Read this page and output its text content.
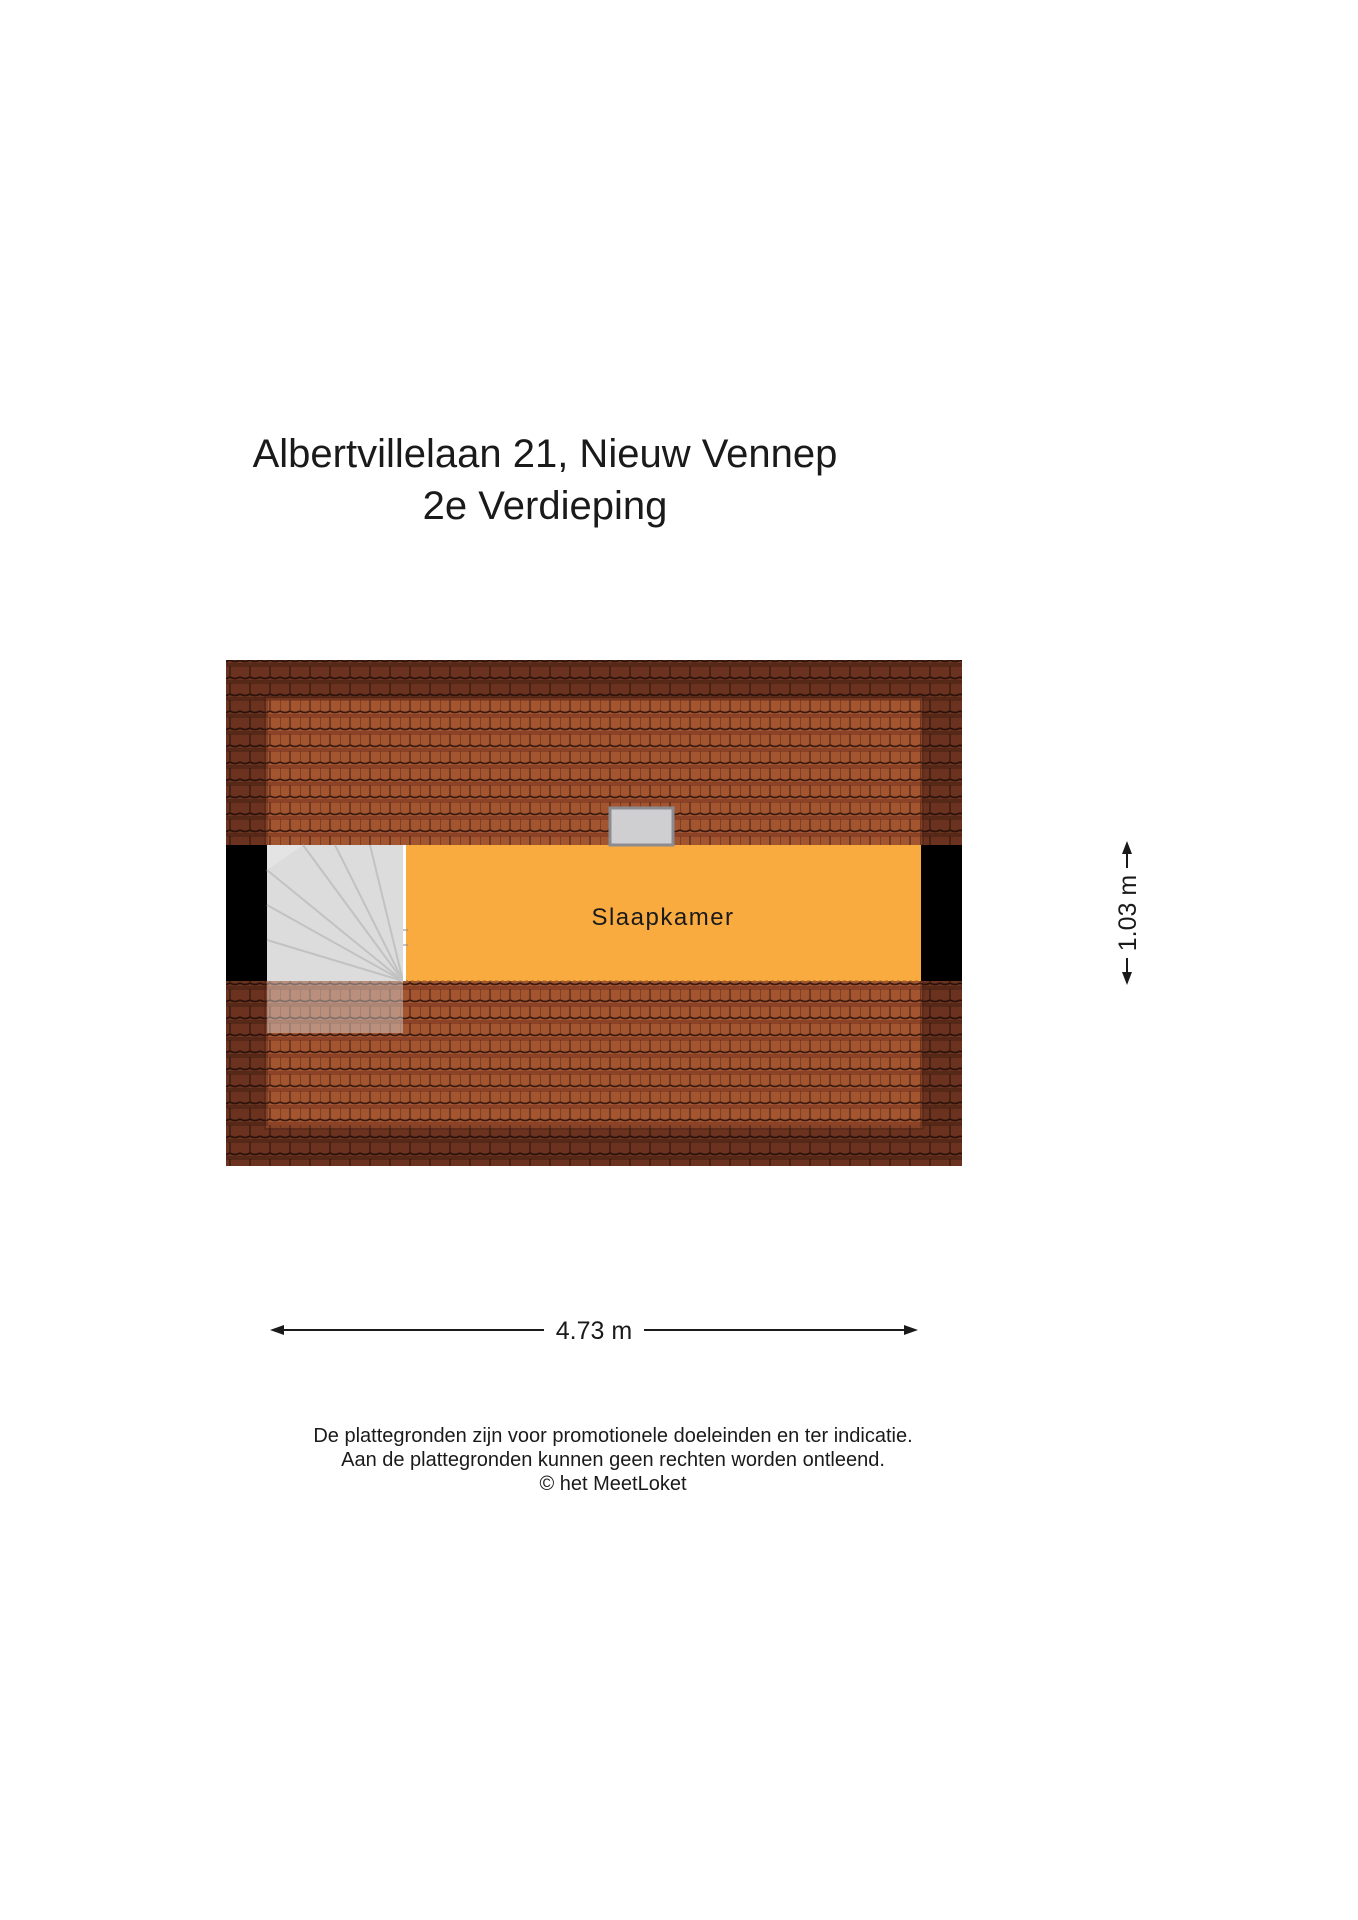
Albertvillelaan 21, Nieuw Vennep
2e Verdieping
Slaapkamer
4.73 m
1.03 m
De plattegronden zijn voor promotionele doeleinden en ter indicatie.
Aan de plattegronden kunnen geen rechten worden ontleend.
© het MeetLoket
